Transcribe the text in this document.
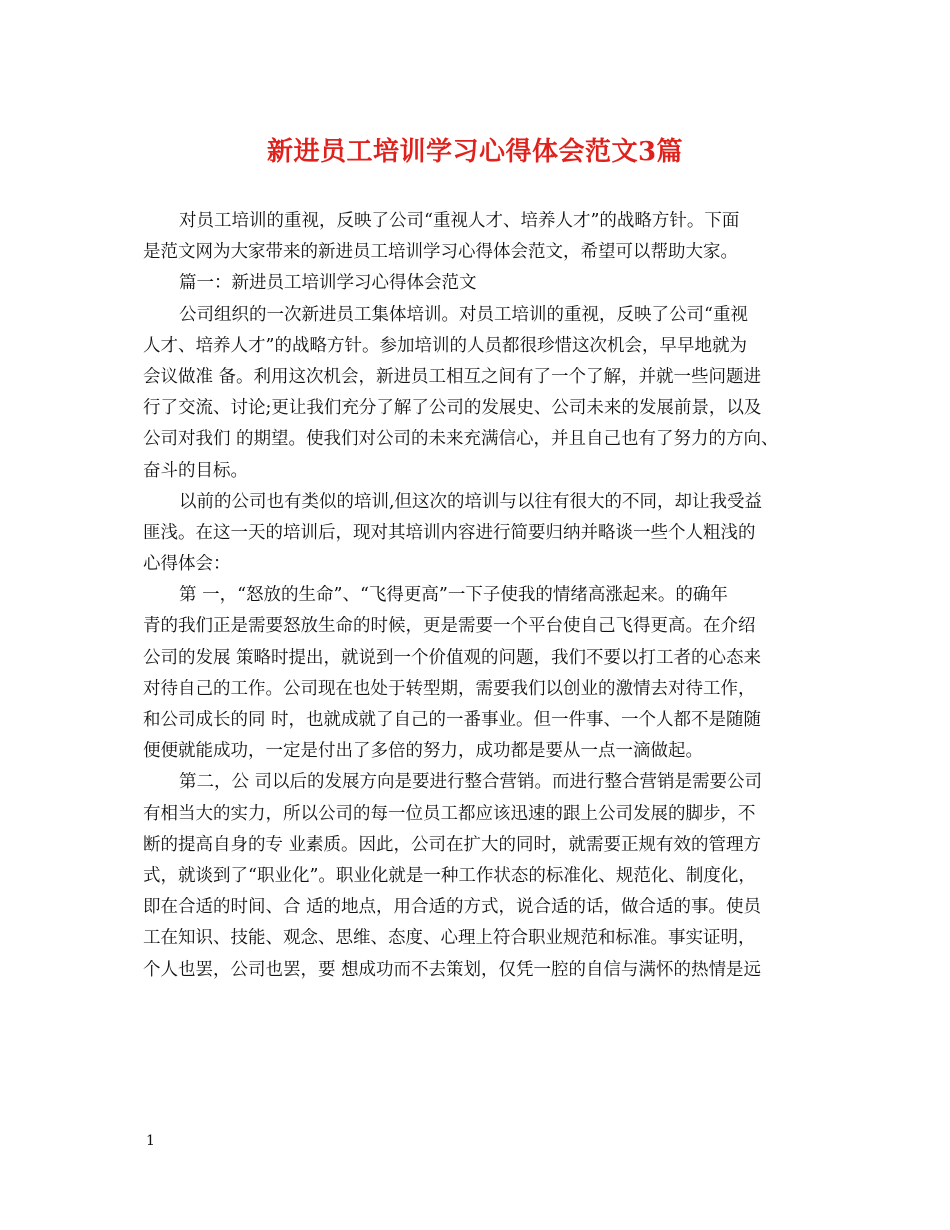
新进员工培训学习心得体会范文3篇
对员工培训的重视，反映了公司“重视人才、培养人才”的战略方针。下面
是范文网为大家带来的新进员工培训学习心得体会范文，希望可以帮助大家。
篇一：新进员工培训学习心得体会范文
公司组织的一次新进员工集体培训。对员工培训的重视，反映了公司“重视
人才、培养人才”的战略方针。参加培训的人员都很珍惜这次机会，早早地就为
会议做准 备。利用这次机会，新进员工相互之间有了一个了解，并就一些问题进
行了交流、讨论;更让我们充分了解了公司的发展史、公司未来的发展前景，以及
公司对我们 的期望。使我们对公司的未来充满信心，并且自己也有了努力的方向、
奋斗的目标。
以前的公司也有类似的培训,但这次的培训与以往有很大的不同，却让我受益
匪浅。在这一天的培训后，现对其培训内容进行简要归纳并略谈一些个人粗浅的
心得体会：
第 一，“怒放的生命”、“飞得更高”一下子使我的情绪高涨起来。的确年
青的我们正是需要怒放生命的时候，更是需要一个平台使自己飞得更高。在介绍
公司的发展 策略时提出，就说到一个价值观的问题，我们不要以打工者的心态来
对待自己的工作。公司现在也处于转型期，需要我们以创业的激情去对待工作，
和公司成长的同 时，也就成就了自己的一番事业。但一件事、一个人都不是随随
便便就能成功，一定是付出了多倍的努力，成功都是要从一点一滴做起。
第二，公 司以后的发展方向是要进行整合营销。而进行整合营销是需要公司
有相当大的实力，所以公司的每一位员工都应该迅速的跟上公司发展的脚步，不
断的提高自身的专 业素质。因此，公司在扩大的同时，就需要正规有效的管理方
式，就谈到了“职业化”。职业化就是一种工作状态的标准化、规范化、制度化，
即在合适的时间、合 适的地点，用合适的方式，说合适的话，做合适的事。使员
工在知识、技能、观念、思维、态度、心理上符合职业规范和标准。事实证明，
个人也罢，公司也罢，要 想成功而不去策划，仅凭一腔的自信与满怀的热情是远
1
